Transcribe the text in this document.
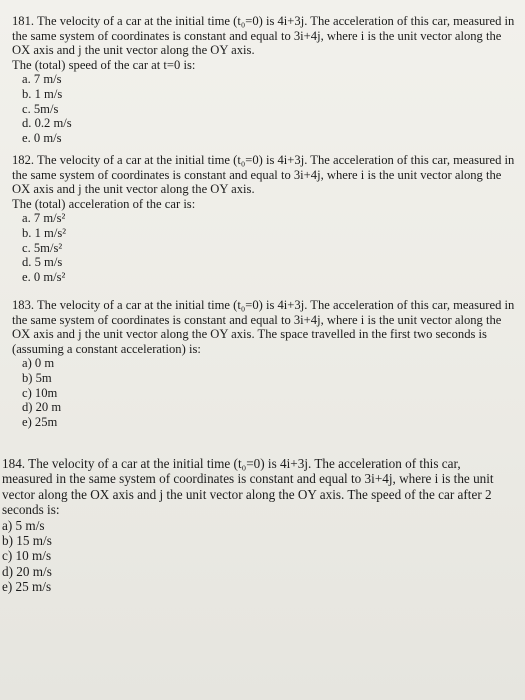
181. The velocity of a car at the initial time (t₀=0) is 4i+3j. The acceleration of this car, measured in the same system of coordinates is constant and equal to 3i+4j, where i is the unit vector along the OX axis and j the unit vector along the OY axis.

The (total) speed of the car at t=0 is:

a. 7 m/s
b. 1 m/s
c. 5m/s
d. 0.2 m/s
e. 0 m/s

182. The velocity of a car at the initial time (t₀=0) is 4i+3j. The acceleration of this car, measured in the same system of coordinates is constant and equal to 3i+4j, where i is the unit vector along the OX axis and j the unit vector along the OY axis.

The (total) acceleration of the car is:

a. 7 m/s²
b. 1 m/s²
c. 5m/s²
d. 5 m/s
e. 0 m/s²

183. The velocity of a car at the initial time (t₀=0) is 4i+3j. The acceleration of this car, measured in the same system of coordinates is constant and equal to 3i+4j, where i is the unit vector along the OX axis and j the unit vector along the OY axis. The space travelled in the first two seconds is (assuming a constant acceleration) is:

a) 0 m
b) 5m
c) 10m
d) 20 m
e) 25m

184. The velocity of a car at the initial time (t₀=0) is 4i+3j. The acceleration of this car, measured in the same system of coordinates is constant and equal to 3i+4j, where i is the unit vector along the OX axis and j the unit vector along the OY axis. The speed of the car after 2 seconds is:

a) 5 m/s
b) 15 m/s
c) 10 m/s
d) 20 m/s
e) 25 m/s
